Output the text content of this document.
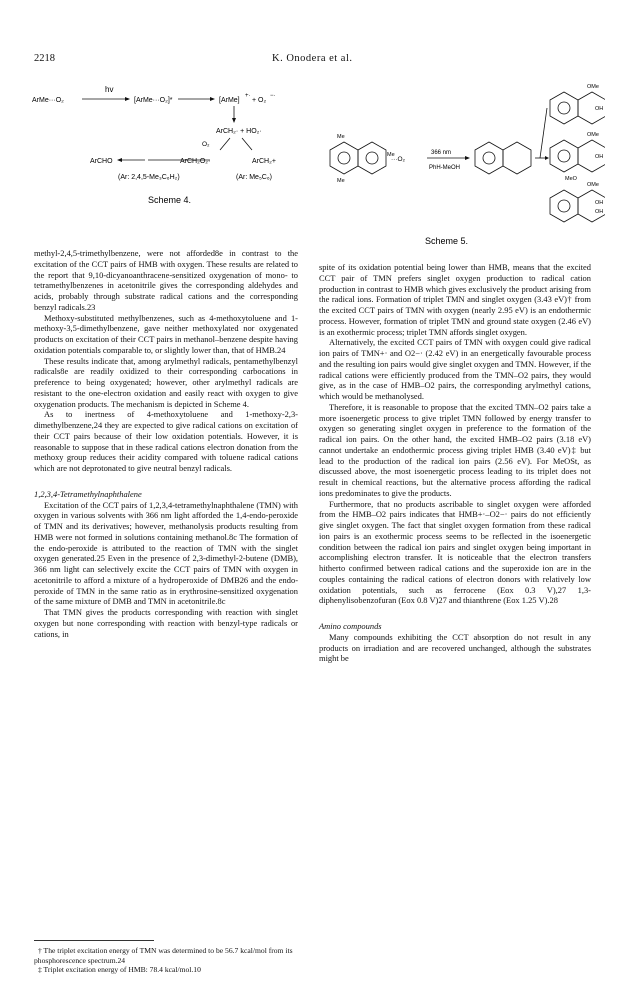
2218	K. Onodera et al.
hv
ArMe···O₂	[ArMe···O₂]*	[ArMe]
+·
+ O₂
−·
ArCH₂· + HO₂·
O₂
ArCHO	ArCH₂O₂·	ArCH₂+
(Ar: 2,4,5-Me₃C₆H₂)	(Ar: Me₅C₆)
Scheme 4.
366 nm
PhH-MeOH
···O₂
Me
Me
Me
OMe
OH
OMe
OH
MeO
OMe
OH
OH
Scheme 5.

methyl-2,4,5-trimethylbenzene, were not afforded8e in contrast to the excitation of the CCT pairs of HMB with oxygen. These results are related to the report that 9,10-dicyanoanthracene-sensitized oxygenation of mono- to tetramethylbenzenes in acetonitrile gives the corresponding aldehydes and acids, probably through substrate radical cations and the corresponding benzyl radicals.23

Methoxy-substituted methylbenzenes, such as 4-methoxytoluene and 1-methoxy-3,5-dimethylbenzene, gave neither methoxylated nor oxygenated products on excitation of their CCT pairs in methanol–benzene despite having oxidation potentials comparable to, or slightly lower than, that of HMB.24

These results indicate that, among arylmethyl radicals, pentamethylbenzyl radicals8e are readily oxidized to their corresponding carbocations in preference to being oxygenated; however, other arylmethyl radicals are resistant to the one-electron oxidation and easily react with oxygen to give oxygenation products. The mechanism is depicted in Scheme 4.

As to inertness of 4-methoxytoluene and 1-methoxy-2,3-dimethylbenzene,24 they are expected to give radical cations on excitation of their CCT pairs because of their low oxidation potentials. However, it is reasonable to suppose that in these radical cations electron donation from the methoxy group reduces their acidity compared with toluene radical cations which are not deprotonated to give neutral benzyl radicals.

1,2,3,4-Tetramethylnaphthalene

Excitation of the CCT pairs of 1,2,3,4-tetramethylnaphthalene (TMN) with oxygen in various solvents with 366 nm light afforded the 1,4-endo-peroxide of TMN and its derivatives; however, methanolysis products resulting from HMB were not formed in solutions containing methanol.8c The formation of the endo-peroxide is attributed to the reaction of TMN with the singlet oxygen generated.25 Even in the presence of 2,3-dimethyl-2-butene (DMB), 366 nm light can selectively excite the CCT pairs of TMN with oxygen in acetonitrile to afford a mixture of a hydroperoxide of DMB26 and the endo-peroxide of TMN in the same ratio as in erythrosine-sensitized oxygenation of the same mixture of DMB and TMN in acetonitrile.8c

That TMN gives the products corresponding with reaction with singlet oxygen but none corresponding with reaction with benzyl-type radicals or cations, in

† The triplet excitation energy of TMN was determined to be 56.7 kcal/mol from its phosphorescence spectrum.24

‡ Triplet excitation energy of HMB: 78.4 kcal/mol.10

spite of its oxidation potential being lower than HMB, means that the excited CCT pair of TMN prefers singlet oxygen production to radical cation production in contrast to HMB which gives exclusively the product arising from the radical ions. Formation of triplet TMN and singlet oxygen (3.43 eV)† from the excited CCT pairs of TMN with oxygen (nearly 2.95 eV) is an endothermic process. However, formation of triplet TMN and ground state oxygen (2.46 eV) is an exothermic process; triplet TMN affords singlet oxygen.

Alternatively, the excited CCT pairs of TMN with oxygen could give radical ion pairs of TMN+· and O2−· (2.42 eV) in an energetically favourable process and the resulting ion pairs would give singlet oxygen and TMN. However, if the radical cations were efficiently produced from the TMN–O2 pairs, they would give, as in the case of HMB–O2 pairs, the corresponding arylmethyl cations, which would be methanolysed.

Therefore, it is reasonable to propose that the excited TMN–O2 pairs take a more isoenergetic process to give triplet TMN followed by energy transfer to oxygen so generating singlet oxygen in preference to the formation of the radical ion pairs. On the other hand, the excited HMB–O2 pairs (3.18 eV) cannot undertake an endothermic process giving triplet HMB (3.40 eV)‡ but lead to the production of the radical ion pairs (2.56 eV). For MeOSt, as discussed above, the most isoenergetic process leading to its triplet does not result in chemical reactions, but the alternative process affording the radical ions predominates to give the products.

Furthermore, that no products ascribable to singlet oxygen were afforded from the HMB–O2 pairs indicates that HMB+·–O2−· pairs do not efficiently give singlet oxygen. The fact that singlet oxygen formation from these radical ion pairs is an exothermic process seems to be reflected in the isoenergetic condition between the radical ion pairs and singlet oxygen being important in accomplishing electron transfer. It is noticeable that the electron transfers hitherto confirmed between radical cations and the superoxide ion are in the couples containing the radical cations of electron donors with relatively low oxidation potentials, such as ferrocene (Eox 0.3 V),27 1,3-diphenylisobenzofuran (Eox 0.8 V)27 and thianthrene (Eox 1.25 V).28

Amino compounds

Many compounds exhibiting the CCT absorption do not result in any products on irradiation and are recovered unchanged, although the substrates might be
